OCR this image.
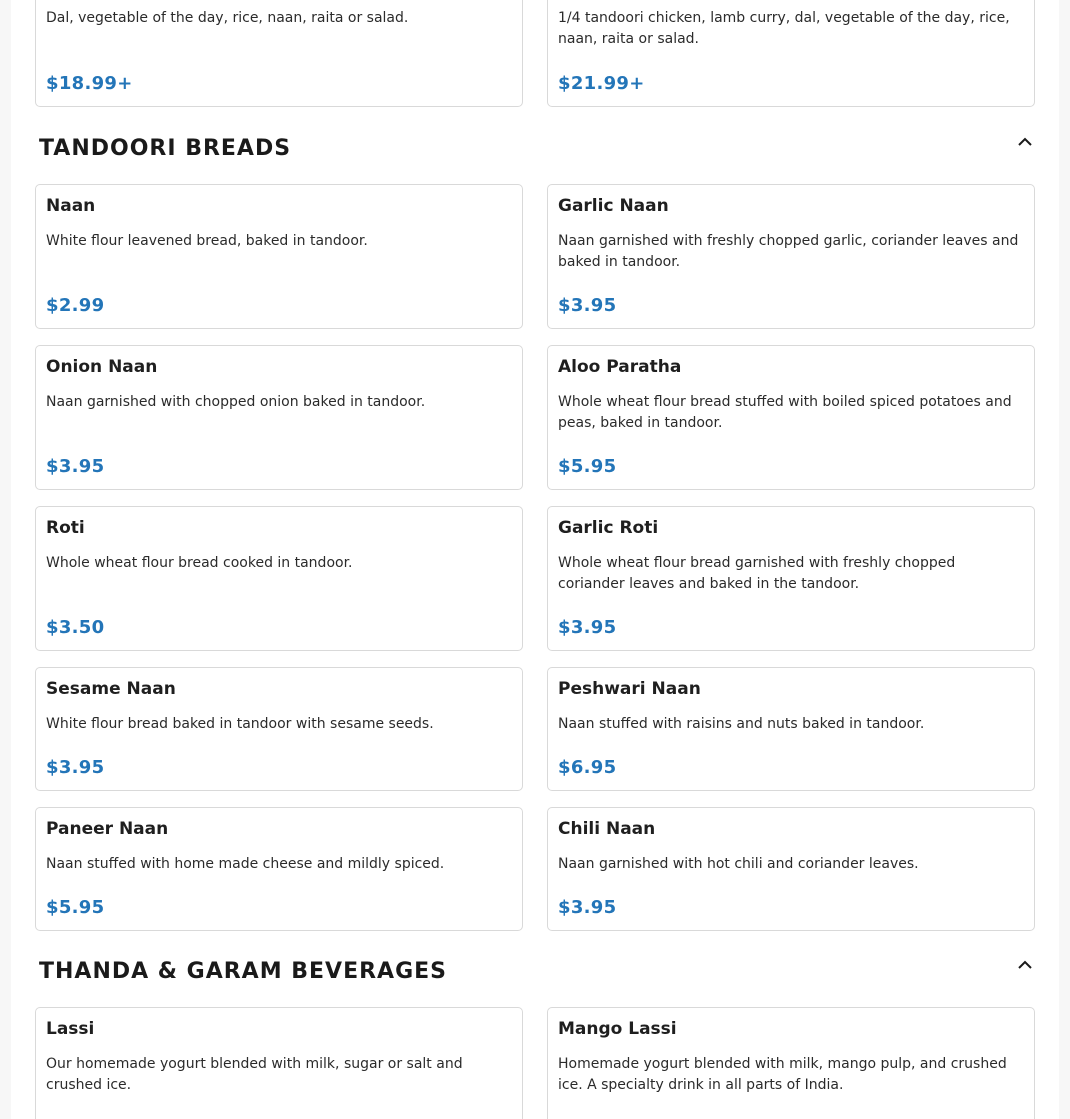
Dal, vegetable of the day, rice, naan, raita or salad.
$18.99+
1/4 tandoori chicken, lamb curry, dal, vegetable of the day, rice, naan, raita or salad.
$21.99+
TANDOORI BREADS
Naan
White flour leavened bread, baked in tandoor.
$2.99
Garlic Naan
Naan garnished with freshly chopped garlic, coriander leaves and baked in tandoor.
$3.95
Onion Naan
Naan garnished with chopped onion baked in tandoor.
$3.95
Aloo Paratha
Whole wheat flour bread stuffed with boiled spiced potatoes and peas, baked in tandoor.
$5.95
Roti
Whole wheat flour bread cooked in tandoor.
$3.50
Garlic Roti
Whole wheat flour bread garnished with freshly chopped coriander leaves and baked in the tandoor.
$3.95
Sesame Naan
White flour bread baked in tandoor with sesame seeds.
$3.95
Peshwari Naan
Naan stuffed with raisins and nuts baked in tandoor.
$6.95
Paneer Naan
Naan stuffed with home made cheese and mildly spiced.
$5.95
Chili Naan
Naan garnished with hot chili and coriander leaves.
$3.95
THANDA & GARAM BEVERAGES
Lassi
Our homemade yogurt blended with milk, sugar or salt and crushed ice.
Mango Lassi
Homemade yogurt blended with milk, mango pulp, and crushed ice. A specialty drink in all parts of India.
